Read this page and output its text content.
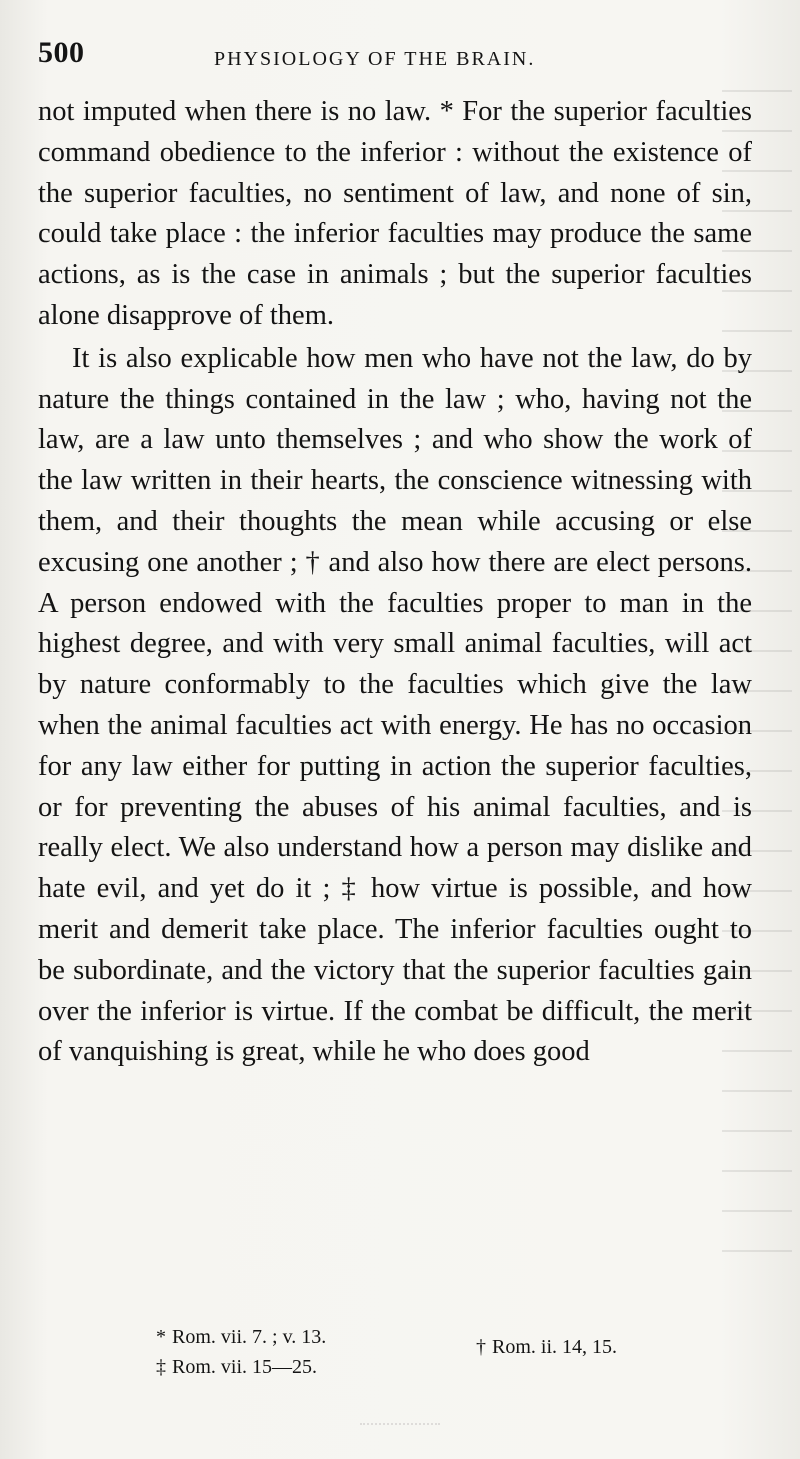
500	PHYSIOLOGY OF THE BRAIN.

not imputed when there is no law. * For the superior faculties command obedience to the inferior : without the existence of the superior faculties, no sentiment of law, and none of sin, could take place : the inferior faculties may produce the same actions, as is the case in animals ; but the superior faculties alone disapprove of them.

It is also explicable how men who have not the law, do by nature the things contained in the law ; who, having not the law, are a law unto themselves ; and who show the work of the law written in their hearts, the conscience witnessing with them, and their thoughts the mean while accusing or else excusing one another ; † and also how there are elect persons. A person endowed with the faculties proper to man in the highest degree, and with very small animal faculties, will act by nature conformably to the faculties which give the law when the animal faculties act with energy. He has no occasion for any law either for putting in action the superior faculties, or for preventing the abuses of his animal faculties, and is really elect. We also understand how a person may dislike and hate evil, and yet do it ; ‡ how virtue is possible, and how merit and demerit take place. The inferior faculties ought to be subordinate, and the victory that the superior faculties gain over the inferior is virtue. If the combat be difficult, the merit of vanquishing is great, while he who does good

* Rom. vii. 7. ; v. 13.	† Rom. ii. 14, 15.
‡ Rom. vii. 15—25.
